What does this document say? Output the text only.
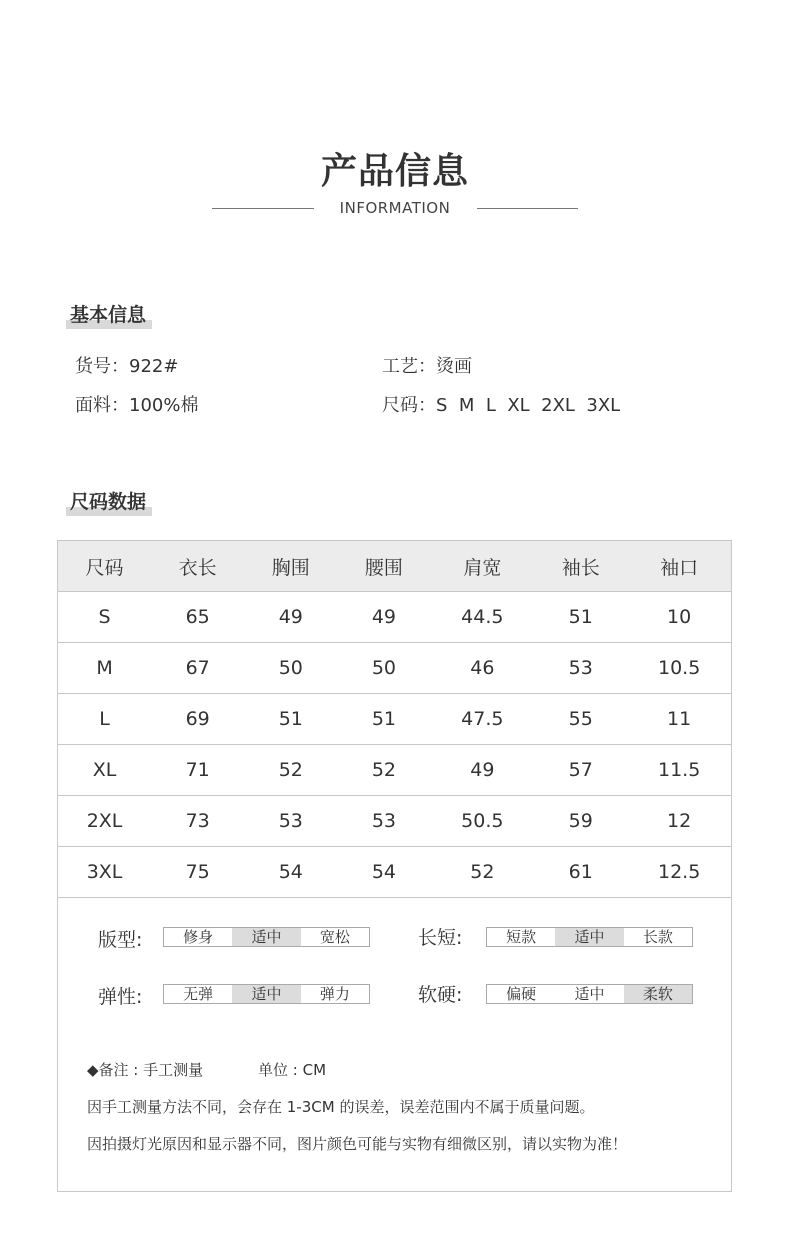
产品信息
INFORMATION
基本信息
货号：922#	工艺：烫画
面料：100%棉	尺码：S  M  L  XL  2XL  3XL
尺码数据
尺码	衣长	胸围	腰围	肩宽	袖长	袖口
S	65	49	49	44.5	51	10
M	67	50	50	46	53	10.5
L	69	51	51	47.5	55	11
XL	71	52	52	49	57	11.5
2XL	73	53	53	50.5	59	12
3XL	75	54	54	52	61	12.5
版型:	修身	适中	宽松	长短:	短款	适中	长款
弹性:	无弹	适中	弹力	软硬:	偏硬	适中	柔软
◆备注 : 手工测量	单位 : CM
因手工测量方法不同，会存在 1-3CM 的误差，误差范围内不属于质量问题。
因拍摄灯光原因和显示器不同，图片颜色可能与实物有细微区别，请以实物为准！
